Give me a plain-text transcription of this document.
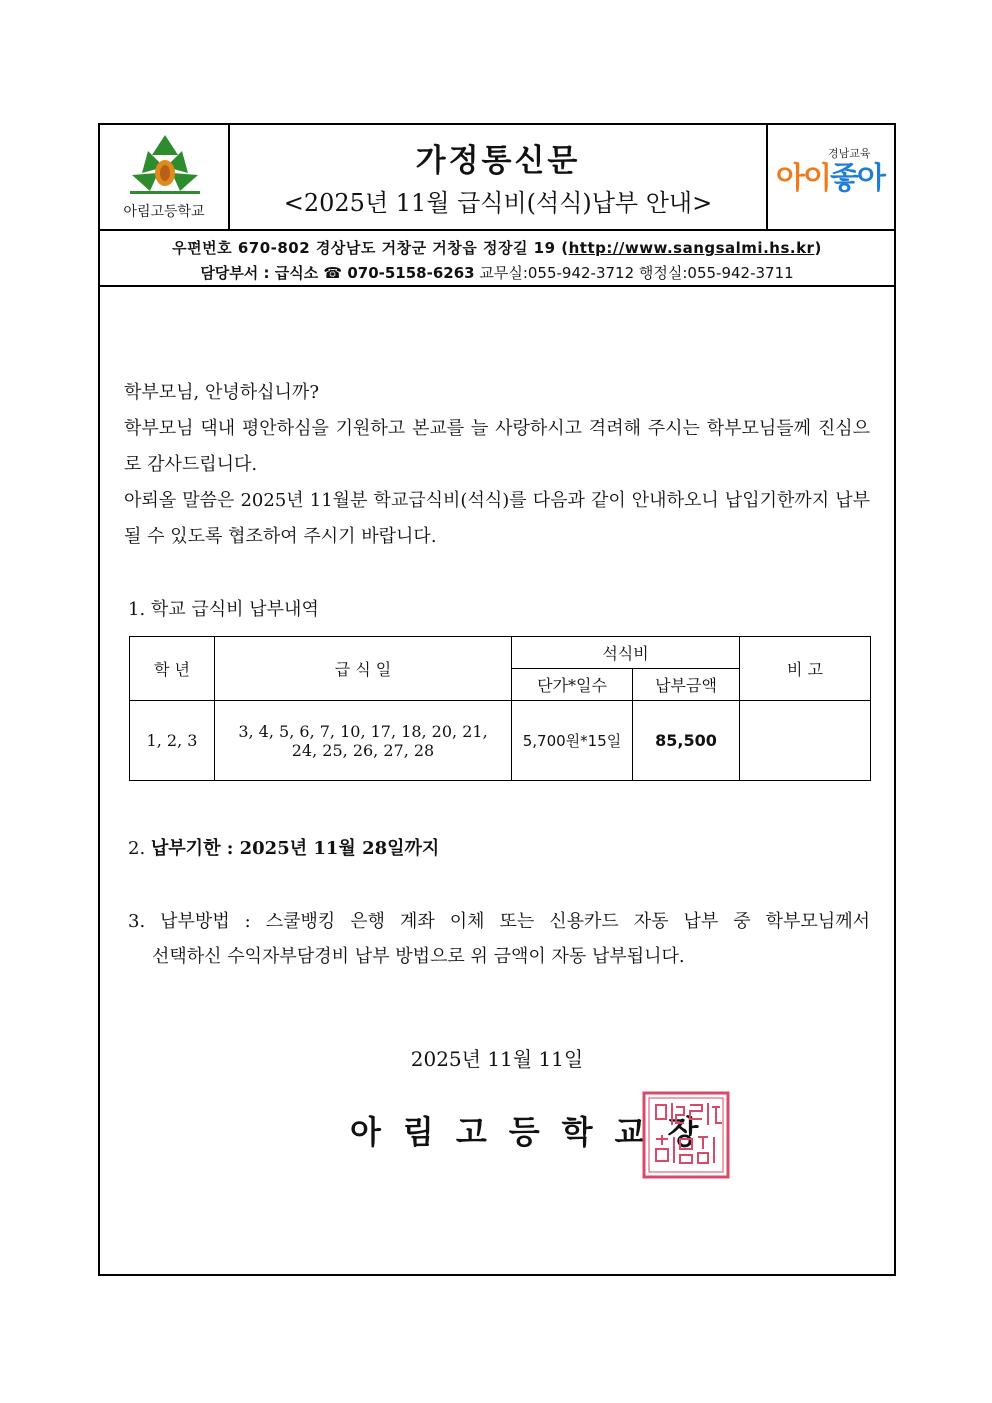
아림고등학교
가정통신문
<2025년 11월 급식비(석식)납부 안내>
경남교육
아이좋아
우편번호 670-802 경상남도 거창군 거창읍 정장길 19 (http://www.sangsalmi.hs.kr)
담당부서 : 급식소 ☎ 070-5158-6263 교무실:055-942-3712 행정실:055-942-3711

학부모님, 안녕하십니까?

학부모님 댁내 평안하심을 기원하고 본교를 늘 사랑하시고 격려해 주시는 학부모님들께 진심으로 감사드립니다.

아뢰올 말씀은 2025년 11월분 학교급식비(석식)를 다음과 같이 안내하오니 납입기한까지 납부될 수 있도록 협조하여 주시기 바랍니다.

1. 학교 급식비 납부내역
학 년	급 식 일	석식비		비 고
		단가*일수	납부금액	
1, 2, 3	3, 4, 5, 6, 7, 10, 17, 18, 20, 21,
24, 25, 26, 27, 28	5,700원*15일	85,500	
2. 납부기한 : 2025년 11월 28일까지
3. 납부방법 : 스쿨뱅킹 은행 계좌 이체 또는 신용카드 자동 납부 중 학부모님께서
선택하신 수익자부담경비 납부 방법으로 위 금액이 자동 납부됩니다.
2025년 11월 11일
아림고등학교장
